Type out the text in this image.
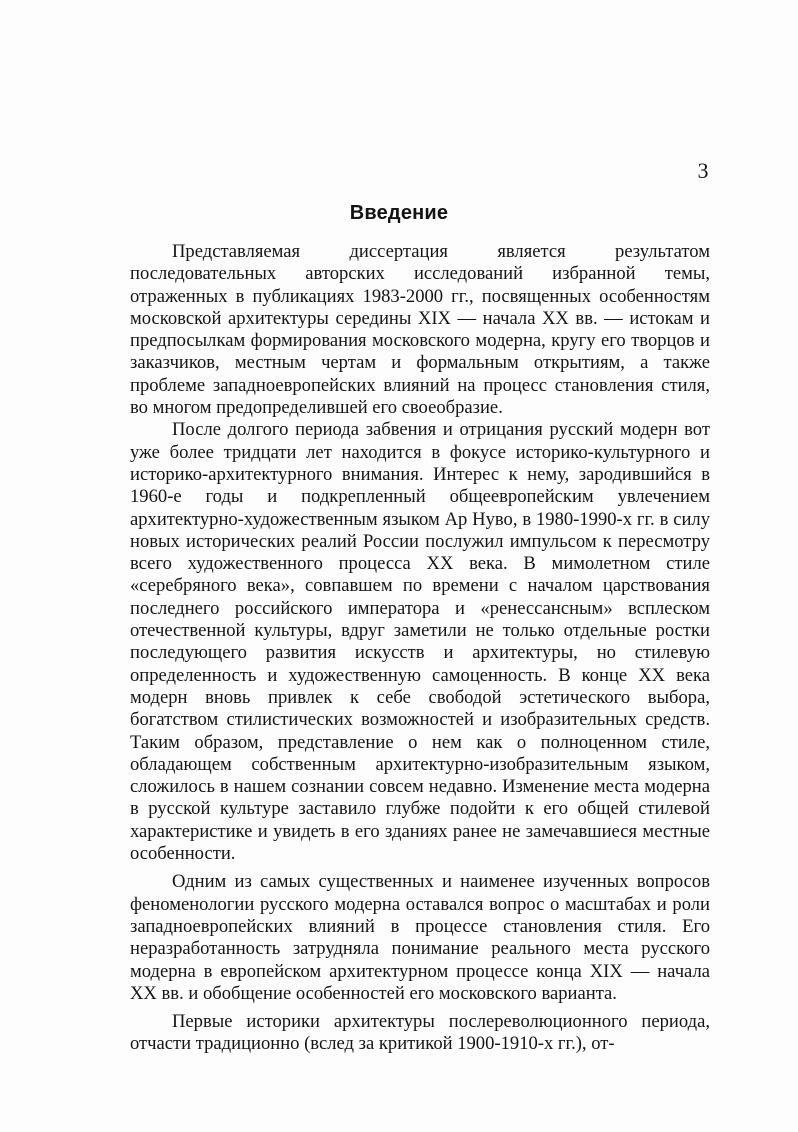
3
Введение

Представляемая диссертация является результатом последовательных авторских исследований избранной темы, отраженных в публикациях 1983-2000 гг., посвященных особенностям московской архитектуры середины XIX — начала XX вв. — истокам и предпосылкам формирования московского модерна, кругу его творцов и заказчиков, местным чертам и формальным открытиям, а также проблеме западноевропейских влияний на процесс становления стиля, во многом предопределившей его своеобразие.

После долгого периода забвения и отрицания русский модерн вот уже более тридцати лет находится в фокусе историко-культурного и историко-архитектурного внимания. Интерес к нему, зародившийся в 1960-е годы и подкрепленный общеевропейским увлечением архитектурно-художественным языком Ар Нуво, в 1980-1990-х гг. в силу новых исторических реалий России послужил импульсом к пересмотру всего художественного процесса XX века. В мимолетном стиле «серебряного века», совпавшем по времени с началом царствования последнего российского императора и «ренессансным» всплеском отечественной культуры, вдруг заметили не только отдельные ростки последующего развития искусств и архитектуры, но стилевую определенность и художественную самоценность. В конце XX века модерн вновь привлек к себе свободой эстетического выбора, богатством стилистических возможностей и изобразительных средств. Таким образом, представление о нем как о полноценном стиле, обладающем собственным архитектурно-изобразительным языком, сложилось в нашем сознании совсем недавно. Изменение места модерна в русской культуре заставило глубже подойти к его общей стилевой характеристике и увидеть в его зданиях ранее не замечавшиеся местные особенности.

Одним из самых существенных и наименее изученных вопросов феноменологии русского модерна оставался вопрос о масштабах и роли западноевропейских влияний в процессе становления стиля. Его неразработанность затрудняла понимание реального места русского модерна в европейском архитектурном процессе конца XIX — начала XX вв. и обобщение особенностей его московского варианта.

Первые историки архитектуры послереволюционного периода, отчасти традиционно (вслед за критикой 1900-1910-х гг.), от-
